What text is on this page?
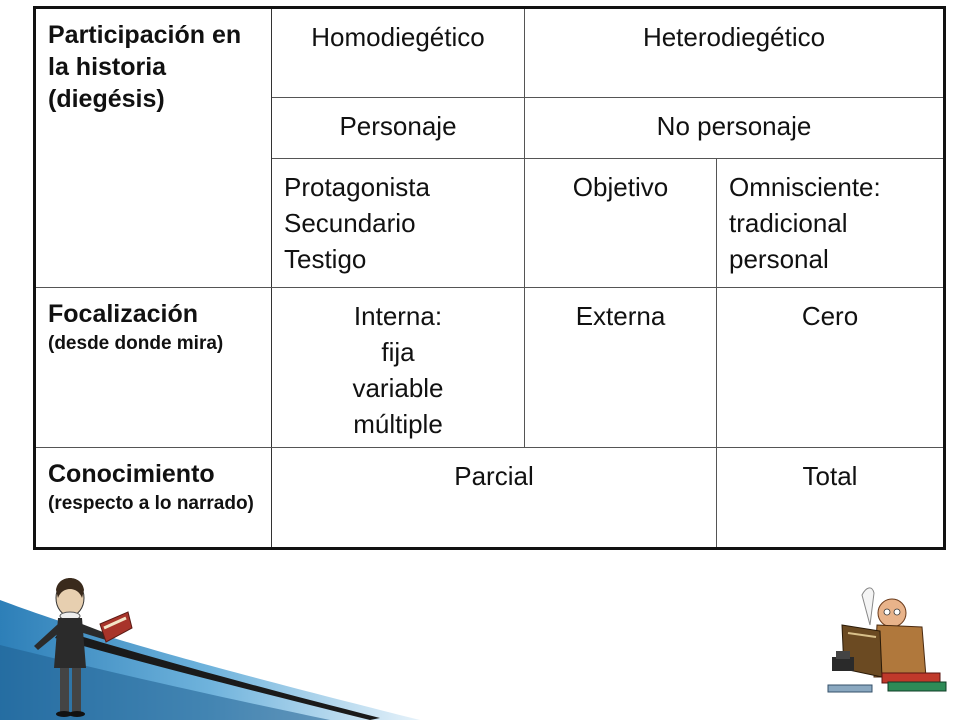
Participación en la historia (diegésis)	Homodiegético	Heterodiegético	
	Personaje	No personaje	

	Protagonista
Secundario
Testigo	Objetivo	Omnisciente:
tradicional
personal

Focalización
(desde donde mira)	Interna:
fija
variable
múltiple	Externa	Cero

Conocimiento
(respecto a lo narrado)	Parcial		Total
